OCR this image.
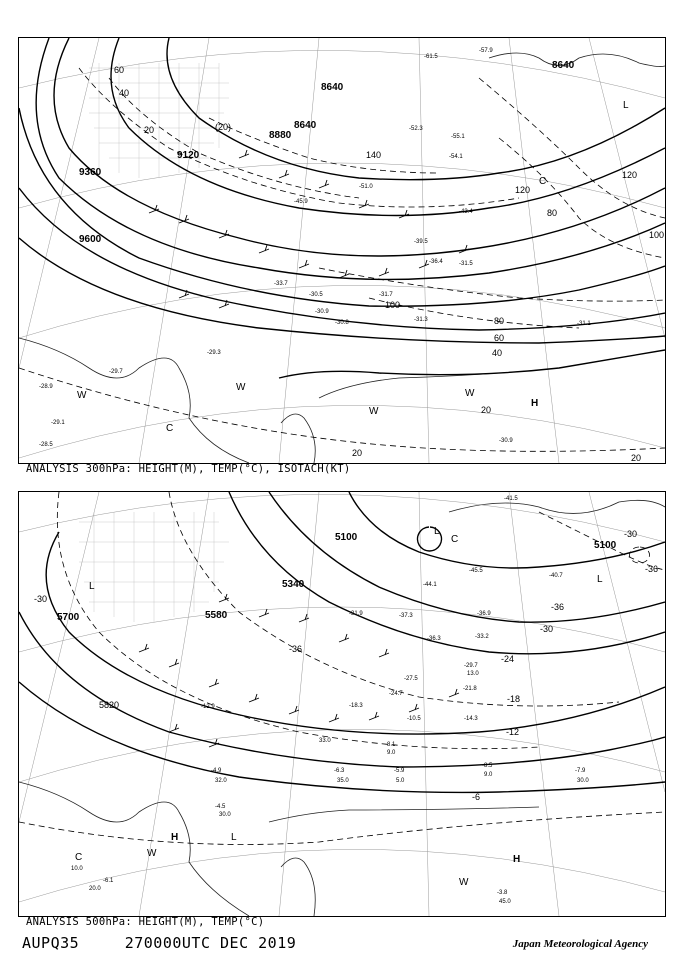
8640
8640
8640
8880
9120
9360
9600
20
40
60
80
100
120
140
20
40
60
80
100
120
(20)
20	20
-61.5
-57.9
-55.1
-52.3
-54.1
-51.0
-45.9
-43.4
-39.5
-36.4
-33.7
-31.7
-31.5
-31.3
-30.9
-30.5
-30.8
-29.3
-29.7
-28.9
-29.1
-28.5
-31.1
-30.9
L
C
C
W
W
W
W
H
ANALYSIS 300hPa: HEIGHT(M), TEMP(°C), ISOTACH(KT)
5100
5100
5340
5580
5700
5820
-30
-36
-36
-30
-24
-18
-12
-6
-30
-36
-45.5
-44.1
-41.5
-40.7
-37.3	-36.9
-36.3	-33.2
-31.9
-29.7
-27.5
-24.7
-21.8
-18.3
-14.3
-12.9
-10.5
-8.1
-8.5
-7.9
-6.3	-5.9
-4.9
-4.5
-6.1
-3.8
30.0
45.0
35.0
9.0
5.0
32.0
30.0
33.0
9.0
13.0
10.0
20.0
L
L
L
L
C
C
H
H
W
W
ANALYSIS 500hPa: HEIGHT(M), TEMP(°C)
AUPQ35	270000UTC DEC 2019	Japan Meteorological Agency
